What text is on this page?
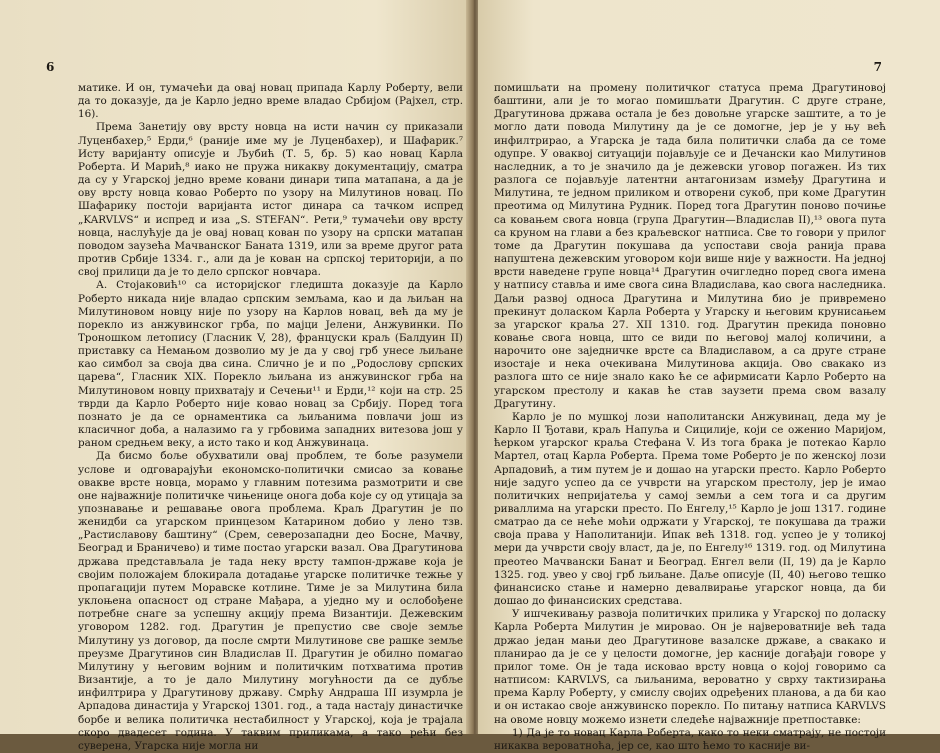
6

матике. И он, тумачећи да овај новац припада Карлу Роберту, вели да то доказује, да је Карло једно време владао Србијом (Рајхел, стр. 16).

Према Занетију ову врсту новца на исти начин су приказали Луценбахер,⁵ Ерди,⁶ (раније име му је Луценбахер), и Шафарик.⁷ Исту варијанту описује и Љубић (Т. 5, бр. 5) као новац Карла Роберта. И Марић,⁸ иако не пружа никакву документацију, сматра да су у Угарској једно време ковани динари типа матапана, а да је ову врсту новца ковао Роберто по узору на Милутинов новац. По Шафарику постоји варијанта истог динара са тачком испред „KARVLVS“ и испред и иза „S. STEFAN“. Рети,⁹ тумачећи ову врсту новца, наслућује да је овај новац кован по узору на српски матапан поводом заузећа Мачванског Баната 1319, или за време другог рата против Србије 1334. г., али да је кован на српској територији, а по свој прилици да је то дело српског новчара.

А. Стојаковић¹⁰ са историјског гледишта доказује да Карло Роберто никада није владао српским земљама, као и да љиљан на Милутиновом новцу није по узору на Карлов новац, већ да му је порекло из анжувинског грба, по мајци Јелени, Анжувинки. По Троношком летопису (Гласник V, 28), француски краљ (Балдуин II) приставку са Немањом дозволио му је да у свој грб унесе љиљане као симбол за своја два сина. Слично је и по „Родослову српских царева“, Гласник XIX. Порекло љиљана из анжувинског грба на Милутиновом новцу прихватају и Сечењи¹¹ и Ерди,¹² који на стр. 25 тврди да Карло Роберто није ковао новац за Србију. Поред тога познато је да се орнаментика са љиљанима повлачи још из класичног доба, а налазимо га у грбовима западних витезова још у раном средњем веку, а исто тако и код Анжувинаца.

Да бисмо боље обухватили овај проблем, те боље разумели услове и одговарајући економско-политички смисао за ковање овакве врсте новца, морамо у главним потезима размотрити и све оне најважније политичке чињенице онога доба које су од утицаја за упознавање и решавање овога проблема. Краљ Драгутин је по женидби са угарском принцезом Катарином добио у лено тзв. „Растиславову баштину“ (Срем, северозападни део Босне, Мачву, Београд и Браничево) и тиме постао угарски вазал. Ова Драгутинова држава представљала је тада неку врсту тампон-државе која је својим положајем блокирала дотадање угарске политичке тежње у пропагацији путем Моравске котлине. Тиме је за Милутина била уклоњена опасност од стране Мађара, а уједно му и ослобођене потребне снаге за успешну акцију према Византији. Дежевским уговором 1282. год. Драгутин је препустио све своје земље Милутину уз договор, да после смрти Милутинове све рашке земље преузме Драгутинов син Владислав II. Драгутин је обилно помагао Милутину у његовим војним и политичким потхватима против Византије, а то је дало Милутину могућности да се дубље инфилтрира у Драгутинову државу. Смрћу Андраша III изумрла је Арпадова династија у Угарској 1301. год., а тада настају династичке борбе и велика политичка нестабилност у Угарској, која је трајала скоро двадесет година. У таквим приликама, а тако рећи без суверена, Угарска није могла ни

7

помишљати на промену политичког статуса према Драгутиновој баштини, али је то могао помишљати Драгутин. С друге стране, Драгутинова држава остала је без довољне угарске заштите, а то је могло дати повода Милутину да је се домогне, јер је у њу већ инфилтрирао, а Угарска је тада била политички слаба да се томе одупре. У оваквој ситуацији појављује се и Дечански као Милутинов наследник, а то је значило да је дежевски уговор погажен. Из тих разлога се појављује латентни антагонизам између Драгутина и Милутина, те једном приликом и отворени сукоб, при коме Драгутин преотима од Милутина Рудник. Поред тога Драгутин поново почиње са ковањем свога новца (група Драгутин—Владислав II),¹³ овога пута са круном на глави а без краљевског натписа. Све то говори у прилог томе да Драгутин покушава да успостави своја ранија права напуштена дежевским уговором који више није у важности. На једној врсти наведене групе новца¹⁴ Драгутин очигледно поред свога имена у натпису ставља и име свога сина Владислава, као свога наследника. Даљи развој односа Драгутина и Милутина био је привремено прекинут доласком Карла Роберта у Угарску и његовим крунисањем за угарског краља 27. XII 1310. год. Драгутин прекида поновно ковање свога новца, што се види по његовој малој количини, а нарочито оне заједничке врсте са Владиславом, а са друге стране изостаје и нека очекивана Милутинова акција. Ово свакако из разлога што се није знало како ће се афирмисати Карло Роберто на угарском престолу и какав ће став заузети према свом вазалу Драгутину.

Карло је по мушкој лози наполитански Анжувинац, деда му је Карло II Ђотави, краљ Напуља и Сицилије, који се оженио Маријом, ћерком угарског краља Стефана V. Из тога брака је потекао Карло Мартел, отац Карла Роберта. Према томе Роберто је по женској лози Арпадовић, а тим путем је и дошао на угарски престо. Карло Роберто није задуго успео да се учврсти на угарском престолу, јер је имао политичких непријатеља у самој земљи а сем тога и са другим риваллима на угарски престо. По Енгелу,¹⁵ Карло је још 1317. године сматрао да се неће моћи одржати у Угарској, те покушава да тражи своја права у Наполитанији. Ипак већ 1318. год. успео је у толикој мери да учврсти своју власт, да је, по Енгелу¹⁶ 1319. год. од Милутина преотео Мачвански Банат и Београд. Енгел вели (II, 19) да је Карло 1325. год. увео у свој грб љиљане. Даље описује (II, 40) његово тешко финансиско стање и намерно девалвирање угарског новца, да би дошао до финансиских средстава.

У ишчекивању развоја политичких прилика у Угарској по доласку Карла Роберта Милутин је мировао. Он је највероватније већ тада држао један мањи део Драгутинове вазалске државе, а свакако и планирао да је се у целости домогне, јер касније догађаји говоре у прилог томе. Он је тада исковао врсту новца о којој говоримо са натписом: KARVLVS, са љиљанима, вероватно у сврху тактизирања према Карлу Роберту, у смислу својих одређених планова, а да би као и он истакао своје анжувинско порекло. По питању натписа KARVLVS на овоме новцу можемо изнети следеће најважније претпоставке:

1) Да је то новац Карла Роберта, како то неки сматрају, не постоји никаква вероватноћа, јер се, као што ћемо то касније ви-
